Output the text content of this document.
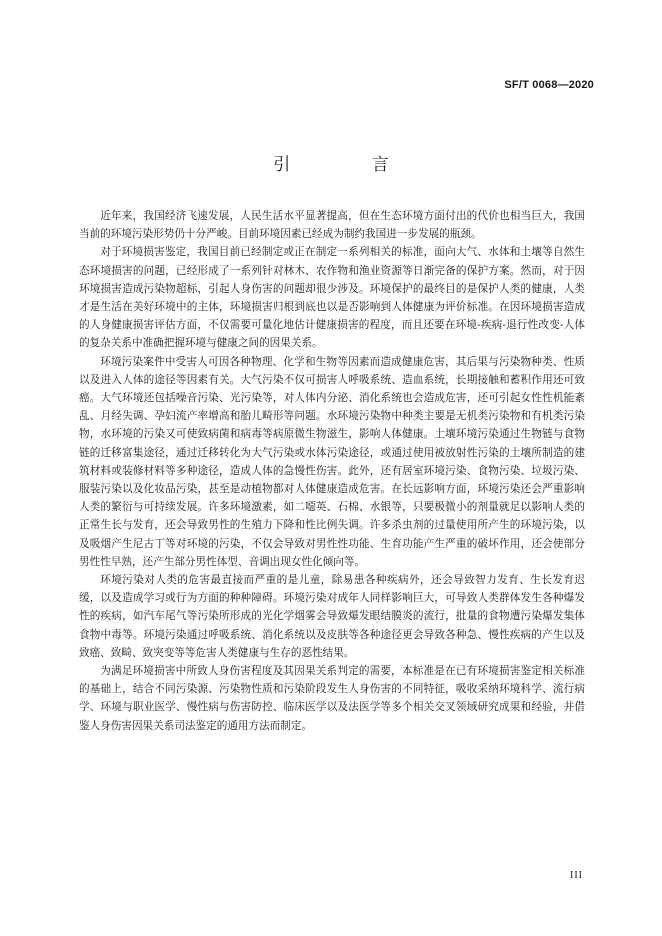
SF/T 0068—2020
引 言

近年来，我国经济飞速发展，人民生活水平显著提高，但在生态环境方面付出的代价也相当巨大，我国当前的环境污染形势仍十分严峻。目前环境因素已经成为制约我国进一步发展的瓶颈。

对于环境损害鉴定，我国目前已经制定或正在制定一系列相关的标准，面向大气、水体和土壤等自然生态环境损害的问题，已经形成了一系列针对林木、农作物和渔业资源等日渐完备的保护方案。然而，对于因环境损害造成污染物超标，引起人身伤害的问题却很少涉及。环境保护的最终目的是保护人类的健康，人类才是生活在美好环境中的主体，环境损害归根到底也以是否影响到人体健康为评价标准。在因环境损害造成的人身健康损害评估方面，不仅需要可量化地估计健康损害的程度，而且还要在环境-疾病-退行性改变-人体的复杂关系中准确把握环境与健康之间的因果关系。

环境污染案件中受害人可因各种物理、化学和生物等因素而造成健康危害，其后果与污染物种类、性质以及进入人体的途径等因素有关。大气污染不仅可损害人呼吸系统、造血系统，长期接触和蓄积作用还可致癌。大气环境还包括噪音污染、光污染等，对人体内分泌、消化系统也会造成危害，还可引起女性性机能紊乱、月经失调、孕妇流产率增高和胎儿畸形等问题。水环境污染物中种类主要是无机类污染物和有机类污染物，水环境的污染又可使致病菌和病毒等病原微生物滋生，影响人体健康。土壤环境污染通过生物链与食物链的迁移富集途径，通过迁移转化为大气污染或水体污染途径，或通过使用被放射性污染的土壤所制造的建筑材料或装修材料等多种途径，造成人体的急慢性伤害。此外，还有居室环境污染、食物污染、垃圾污染、服装污染以及化妆品污染，甚至是动植物都对人体健康造成危害。在长远影响方面，环境污染还会严重影响人类的繁衍与可持续发展。许多环境激素，如二噁英、石棉、水银等，只要极微小的剂量就足以影响人类的正常生长与发育，还会导致男性的生殖力下降和性比例失调。许多杀虫剂的过量使用所产生的环境污染，以及吸烟产生尼古丁等对环境的污染，不仅会导致对男性性功能、生育功能产生严重的破坏作用，还会使部分男性性早熟，还产生部分男性体型、音调出现女性化倾向等。

环境污染对人类的危害最直接而严重的是儿童，除易患各种疾病外，还会导致智力发育、生长发育迟缓，以及造成学习或行为方面的种种障碍。环境污染对成年人同样影响巨大，可导致人类群体发生各种爆发性的疾病，如汽车尾气等污染所形成的光化学烟雾会导致爆发眼结膜炎的流行，批量的食物遭污染爆发集体食物中毒等。环境污染通过呼吸系统、消化系统以及皮肤等各种途径更会导致各种急、慢性疾病的产生以及致癌、致畸、致突变等等危害人类健康与生存的恶性结果。

为满足环境损害中所致人身伤害程度及其因果关系判定的需要，本标准是在已有环境损害鉴定相关标准的基础上，结合不同污染源、污染物性质和污染阶段发生人身伤害的不同特征，吸收采纳环境科学、流行病学、环境与职业医学、慢性病与伤害防控、临床医学以及法医学等多个相关交叉领域研究成果和经验，并借鉴人身伤害因果关系司法鉴定的通用方法而制定。

III
